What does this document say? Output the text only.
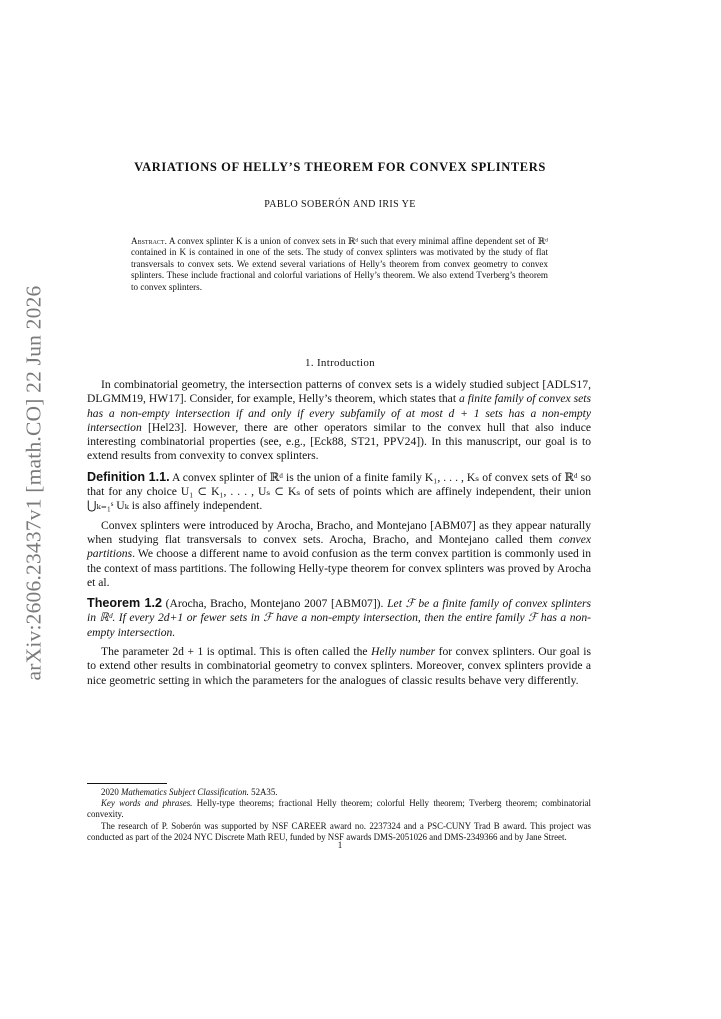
arXiv:2606.23437v1 [math.CO] 22 Jun 2026
VARIATIONS OF HELLY’S THEOREM FOR CONVEX SPLINTERS
PABLO SOBERÓN AND IRIS YE
Abstract. A convex splinter K is a union of convex sets in ℝᵈ such that every minimal affine dependent set of ℝᵈ contained in K is contained in one of the sets. The study of convex splinters was motivated by the study of flat transversals to convex sets. We extend several variations of Helly’s theorem from convex geometry to convex splinters. These include fractional and colorful variations of Helly’s theorem. We also extend Tverberg’s theorem to convex splinters.
1. Introduction

In combinatorial geometry, the intersection patterns of convex sets is a widely studied subject [ADLS17, DLGMM19, HW17]. Consider, for example, Helly’s theorem, which states that a finite family of convex sets has a non-empty intersection if and only if every subfamily of at most d + 1 sets has a non-empty intersection [Hel23]. However, there are other operators similar to the convex hull that also induce interesting combinatorial properties (see, e.g., [Eck88, ST21, PPV24]). In this manuscript, our goal is to extend results from convexity to convex splinters.

Definition 1.1. A convex splinter of ℝᵈ is the union of a finite family K₁, . . . , Kₛ of convex sets of ℝᵈ so that for any choice U₁ ⊂ K₁, . . . , Uₛ ⊂ Kₛ of sets of points which are affinely independent, their union ⋃ₖ₌₁ˢ Uₖ is also affinely independent.

Convex splinters were introduced by Arocha, Bracho, and Montejano [ABM07] as they appear naturally when studying flat transversals to convex sets. Arocha, Bracho, and Montejano called them convex partitions. We choose a different name to avoid confusion as the term convex partition is commonly used in the context of mass partitions. The following Helly-type theorem for convex splinters was proved by Arocha et al.

Theorem 1.2 (Arocha, Bracho, Montejano 2007 [ABM07]). Let ℱ be a finite family of convex splinters in ℝᵈ. If every 2d+1 or fewer sets in ℱ have a non-empty intersection, then the entire family ℱ has a non-empty intersection.

The parameter 2d + 1 is optimal. This is often called the Helly number for convex splinters. Our goal is to extend other results in combinatorial geometry to convex splinters. Moreover, convex splinters provide a nice geometric setting in which the parameters for the analogues of classic results behave very differently.

2020 Mathematics Subject Classification. 52A35.

Key words and phrases. Helly-type theorems; fractional Helly theorem; colorful Helly theorem; Tverberg theorem; combinatorial convexity.

The research of P. Soberón was supported by NSF CAREER award no. 2237324 and a PSC-CUNY Trad B award. This project was conducted as part of the 2024 NYC Discrete Math REU, funded by NSF awards DMS-2051026 and DMS-2349366 and by Jane Street.

1
